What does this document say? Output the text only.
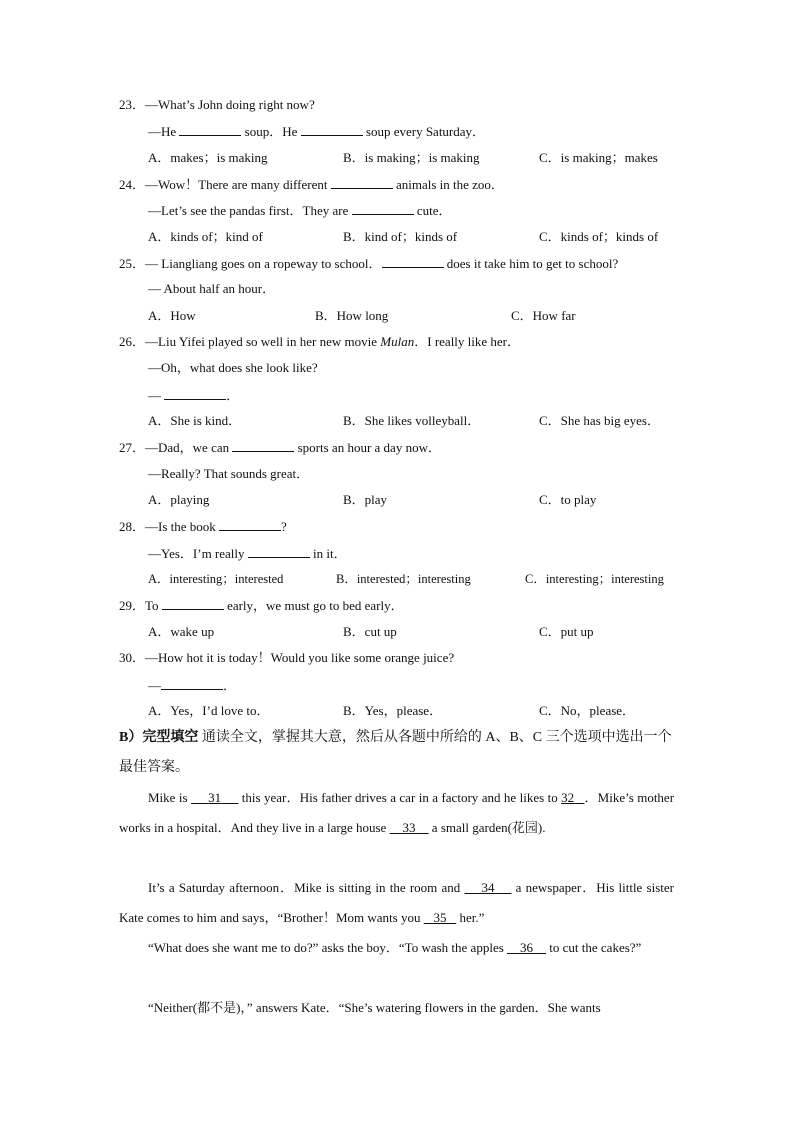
23．—What’s John doing right now?
—He	soup．He	soup every Saturday．
A．makes；is making	B．is making；is making	C．is making；makes
24．—Wow！There are many different	animals in the zoo．
—Let’s see the pandas first．They are	cute．
A．kinds of；kind of	B．kind of；kinds of	C．kinds of；kinds of
25．— Liangliang goes on a ropeway to school．	does it take him to get to school?
— About half an hour．
A．How	B．How long	C．How far
26．—Liu Yifei played so well in her new movie Mulan．I really like her．
—Oh，what does she look like?
—	．
A．She is kind．	B．She likes volleyball．	C．She has big eyes．
27．—Dad，we can	sports an hour a day now．
—Really? That sounds great．
A．playing	B．play	C．to play
28．—Is the book	?
—Yes．I’m really	in it．
A．interesting；interested	B．interested；interesting	C．interesting；interesting
29．To	early，we must go to bed early．
A．wake up	B．cut up	C．put up
30．—How hot it is today！Would you like some orange juice?
—	．
A．Yes，I’d love to．	B．Yes，please．	C．No，please．
B）完型填空 通读全文，掌握其大意，然后从各题中所给的 A、B、C 三个选项中选出一个
最佳答案。
Mike is      31      this year．His father drives a car in a factory and he likes to 32 ．Mike’s mother works in a hospital．And they live in a large house     33     a small garden(花园).
It’s a Saturday afternoon．Mike is sitting in the room and     34     a newspaper．His little sister Kate comes to him and says，“Brother！Mom wants you    35    her.”
“What does she want me to do?” asks the boy．“To wash the apples     36     to cut the cakes?”
“Neither(都不是)，” answers Kate．“She’s watering flowers in the garden．She wants
